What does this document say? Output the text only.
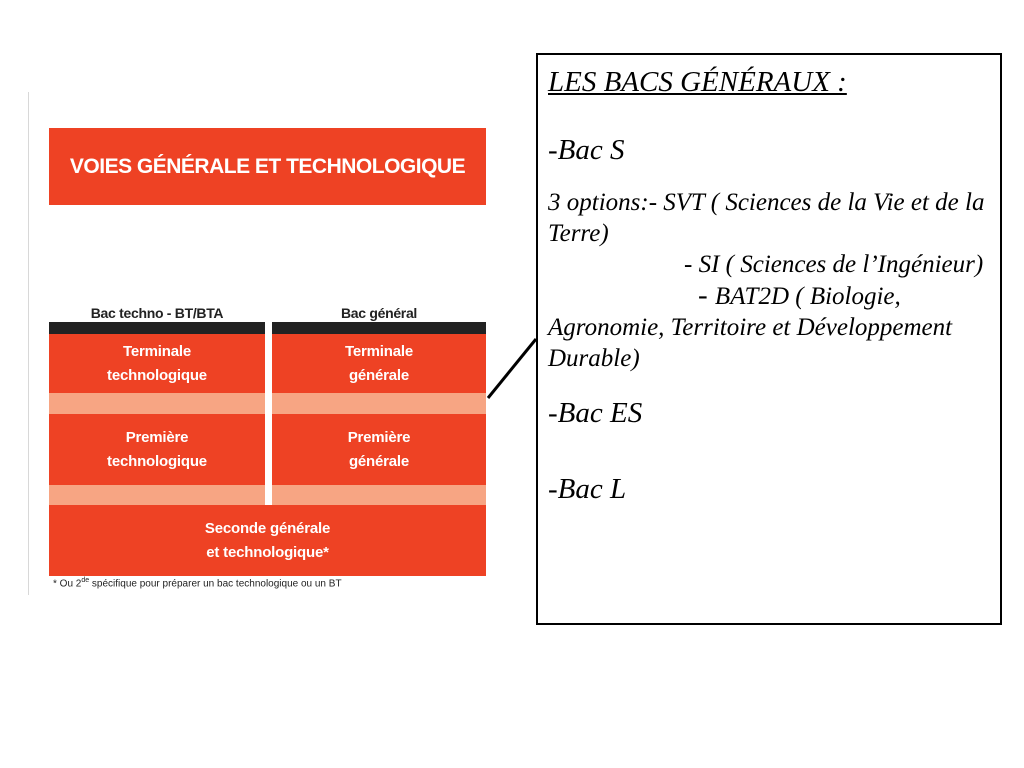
VOIES GÉNÉRALE ET TECHNOLOGIQUE
Bac techno - BT/BTA	Bac général
Terminale
technologique
Terminale
générale
Première
technologique
Première
générale
Seconde générale
et technologique*
* Ou 2de spécifique pour préparer un bac technologique ou un BT

LES BACS GÉNÉRAUX :

-Bac S

3 options:- SVT ( Sciences de la Vie et de la Terre)

- SI ( Sciences de l’Ingénieur)

- BAT2D ( Biologie, Agronomie, Territoire et Développement Durable)

-Bac ES

-Bac L
